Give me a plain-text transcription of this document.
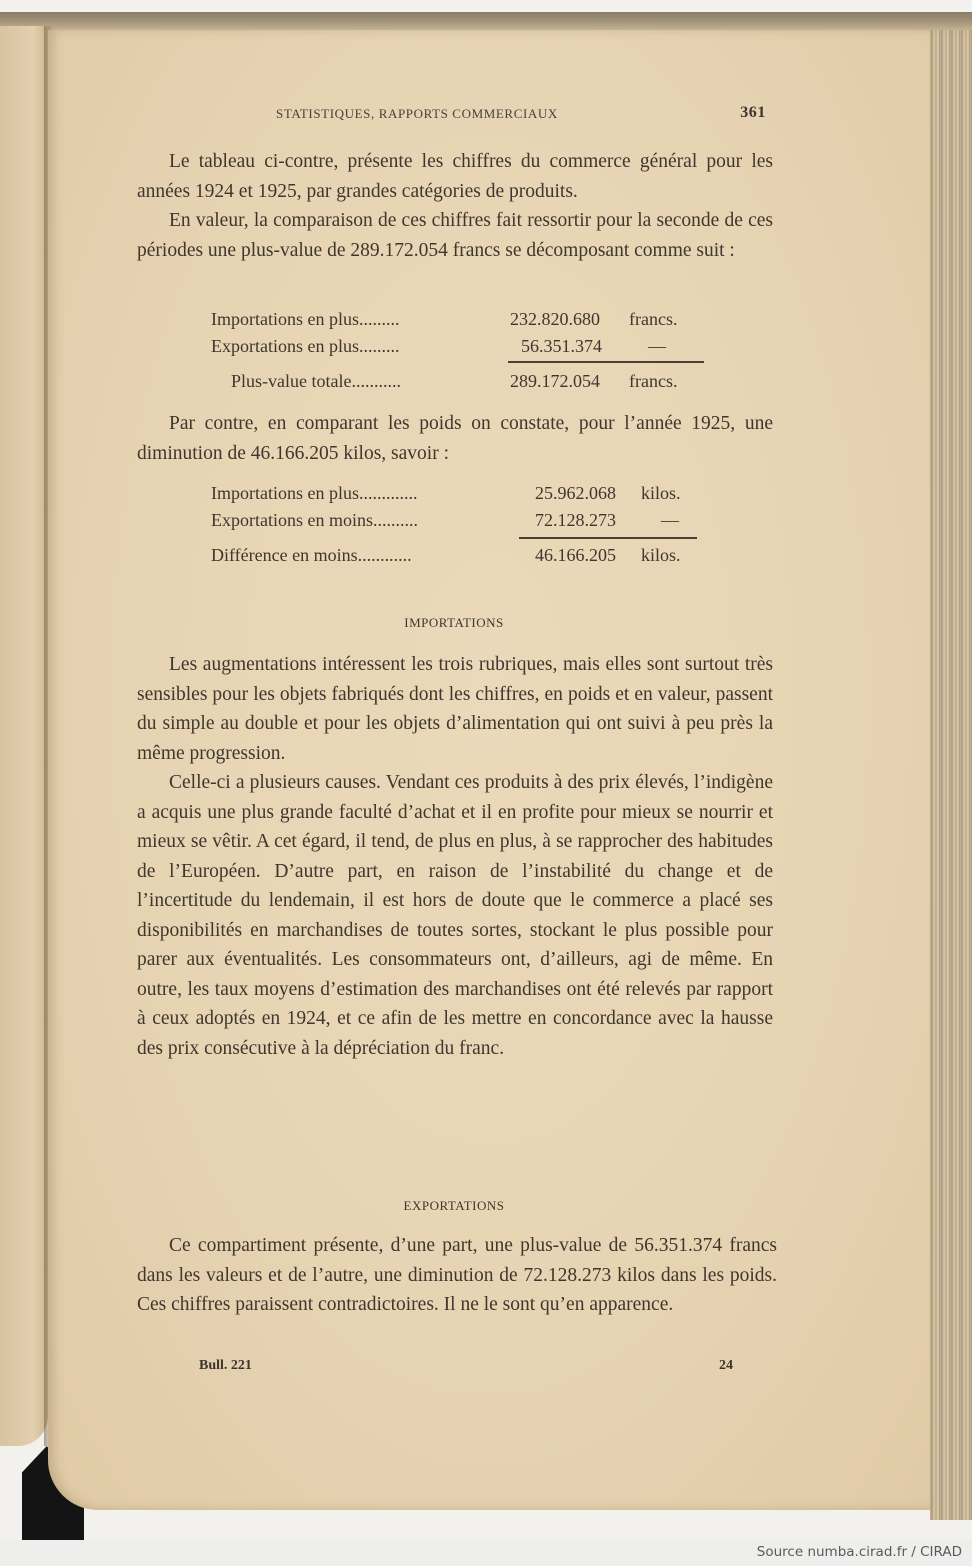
STATISTIQUES, RAPPORTS COMMERCIAUX	361

Le tableau ci-contre, présente les chiffres du commerce général pour les années 1924 et 1925, par grandes catégories de produits.

En valeur, la comparaison de ces chiffres fait ressortir pour la seconde de ces périodes une plus-value de 289.172.054 francs se décomposant comme suit :

Importations en plus.........	232.820.680 francs.
Exportations en plus.........	56.351.374	—
Plus-value totale...........	289.172.054 francs.

Par contre, en comparant les poids on constate, pour l’année 1925, une diminution de 46.166.205 kilos, savoir :

Importations en plus.............	25.962.068 kilos.
Exportations en moins..........	72.128.273	—
Différence en moins............	46.166.205 kilos.
IMPORTATIONS

Les augmentations intéressent les trois rubriques, mais elles sont surtout très sensibles pour les objets fabriqués dont les chiffres, en poids et en valeur, passent du simple au double et pour les objets d’alimentation qui ont suivi à peu près la même progression.

Celle-ci a plusieurs causes. Vendant ces produits à des prix élevés, l’indigène a acquis une plus grande faculté d’achat et il en profite pour mieux se nourrir et mieux se vêtir. A cet égard, il tend, de plus en plus, à se rapprocher des habitudes de l’Européen. D’autre part, en raison de l’instabilité du change et de l’incertitude du lendemain, il est hors de doute que le commerce a placé ses disponibilités en marchandises de toutes sortes, stockant le plus possible pour parer aux éventualités. Les consommateurs ont, d’ailleurs, agi de même. En outre, les taux moyens d’estimation des marchandises ont été relevés par rapport à ceux adoptés en 1924, et ce afin de les mettre en concordance avec la hausse des prix consécutive à la dépréciation du franc.

EXPORTATIONS

Ce compartiment présente, d’une part, une plus-value de 56.351.374 francs dans les valeurs et de l’autre, une diminution de 72.128.273 kilos dans les poids. Ces chiffres paraissent contradictoires. Il ne le sont qu’en apparence.

Bull. 221	24
Source numba.cirad.fr / CIRAD
